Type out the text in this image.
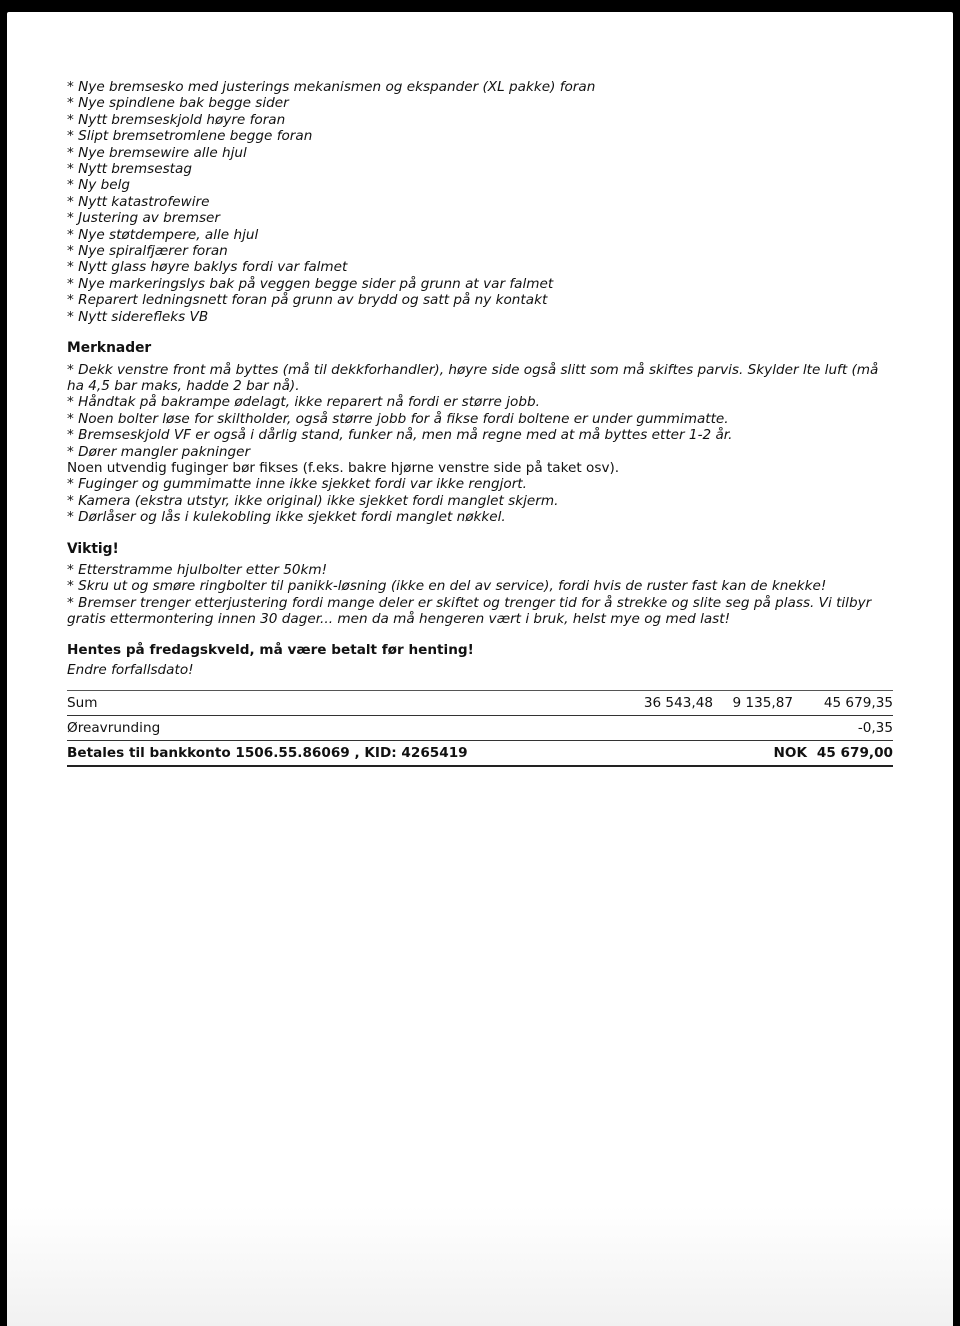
* Nye bremsesko med justerings mekanismen og ekspander (XL pakke) foran
* Nye spindlene bak begge sider
* Nytt bremseskjold høyre foran
* Slipt bremsetromlene begge foran
* Nye bremsewire alle hjul
* Nytt bremsestag
* Ny belg
* Nytt katastrofewire
* Justering av bremser
* Nye støtdempere, alle hjul
* Nye spiralfjærer foran
* Nytt glass høyre baklys fordi var falmet
* Nye markeringslys bak på veggen begge sider på grunn at var falmet
* Reparert ledningsnett foran på grunn av brydd og satt på ny kontakt
* Nytt siderefleks VB
Merknader
* Dekk venstre front må byttes (må til dekkforhandler), høyre side også slitt som må skiftes parvis. Skylder lte luft (må ha 4,5 bar maks, hadde 2 bar nå).
* Håndtak på bakrampe ødelagt, ikke reparert nå fordi er større jobb.
* Noen bolter løse for skiltholder, også større jobb for å fikse fordi boltene er under gummimatte.
* Bremseskjold VF er også i dårlig stand, funker nå, men må regne med at må byttes etter 1-2 år.
* Dører mangler pakninger
Noen utvendig fuginger bør fikses (f.eks. bakre hjørne venstre side på taket osv).
* Fuginger og gummimatte inne ikke sjekket fordi var ikke rengjort.
* Kamera (ekstra utstyr, ikke original) ikke sjekket fordi manglet skjerm.
* Dørlåser og lås i kulekobling ikke sjekket fordi manglet nøkkel.
Viktig!
* Etterstramme hjulbolter etter 50km!
* Skru ut og smøre ringbolter til panikk-løsning (ikke en del av service), fordi hvis de ruster fast kan de knekke!
* Bremser trenger etterjustering fordi mange deler er skiftet og trenger tid for å strekke og slite seg på plass. Vi tilbyr gratis ettermontering innen 30 dager... men da må hengeren vært i bruk, helst mye og med last!
Hentes på fredagskveld, må være betalt før henting!
Endre forfallsdato!
Sum	36 543,48	9 135,87	45 679,35
Øreavrunding	-0,35
Betales til bankkonto 1506.55.86069 , KID: 4265419	NOK 45 679,00
